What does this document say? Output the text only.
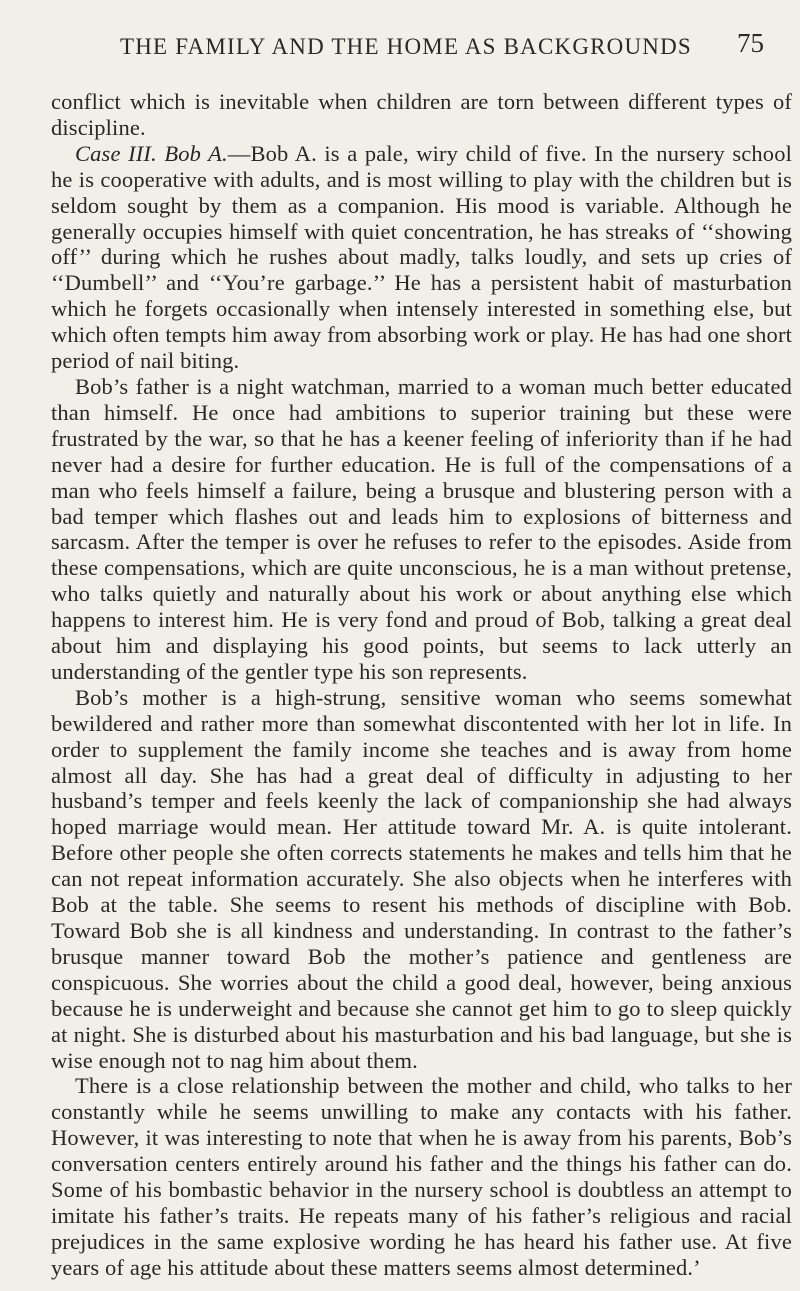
THE FAMILY AND THE HOME AS BACKGROUNDS 75

conflict which is inevitable when children are torn between different types of discipline.

Case III. Bob A.—Bob A. is a pale, wiry child of five. In the nursery school he is cooperative with adults, and is most willing to play with the children but is seldom sought by them as a companion. His mood is variable. Although he generally occupies himself with quiet concentration, he has streaks of ‘‘showing off’’ during which he rushes about madly, talks loudly, and sets up cries of ‘‘Dumbell’’ and ‘‘You’re garbage.’’ He has a persistent habit of masturbation which he forgets occasionally when intensely interested in something else, but which often tempts him away from absorbing work or play. He has had one short period of nail biting.

Bob’s father is a night watchman, married to a woman much better educated than himself. He once had ambitions to superior training but these were frustrated by the war, so that he has a keener feeling of inferiority than if he had never had a desire for further education. He is full of the compensations of a man who feels himself a failure, being a brusque and blustering person with a bad temper which flashes out and leads him to explosions of bitterness and sarcasm. After the temper is over he refuses to refer to the episodes. Aside from these compensations, which are quite unconscious, he is a man without pretense, who talks quietly and naturally about his work or about anything else which happens to interest him. He is very fond and proud of Bob, talking a great deal about him and displaying his good points, but seems to lack utterly an understanding of the gentler type his son represents.

Bob’s mother is a high-strung, sensitive woman who seems somewhat bewildered and rather more than somewhat discontented with her lot in life. In order to supplement the family income she teaches and is away from home almost all day. She has had a great deal of difficulty in adjusting to her husband’s temper and feels keenly the lack of companionship she had always hoped marriage would mean. Her attitude toward Mr. A. is quite intolerant. Before other people she often corrects statements he makes and tells him that he can not repeat information accurately. She also objects when he interferes with Bob at the table. She seems to resent his methods of discipline with Bob. Toward Bob she is all kindness and understanding. In contrast to the father’s brusque manner toward Bob the mother’s patience and gentleness are conspicuous. She worries about the child a good deal, however, being anxious because he is underweight and because she cannot get him to go to sleep quickly at night. She is disturbed about his masturbation and his bad language, but she is wise enough not to nag him about them.

There is a close relationship between the mother and child, who talks to her constantly while he seems unwilling to make any contacts with his father. However, it was interesting to note that when he is away from his parents, Bob’s conversation centers entirely around his father and the things his father can do. Some of his bombastic behavior in the nursery school is doubtless an attempt to imitate his father’s traits. He repeats many of his father’s religious and racial prejudices in the same explosive wording he has heard his father use. At five years of age his attitude about these matters seems almost determined.’
